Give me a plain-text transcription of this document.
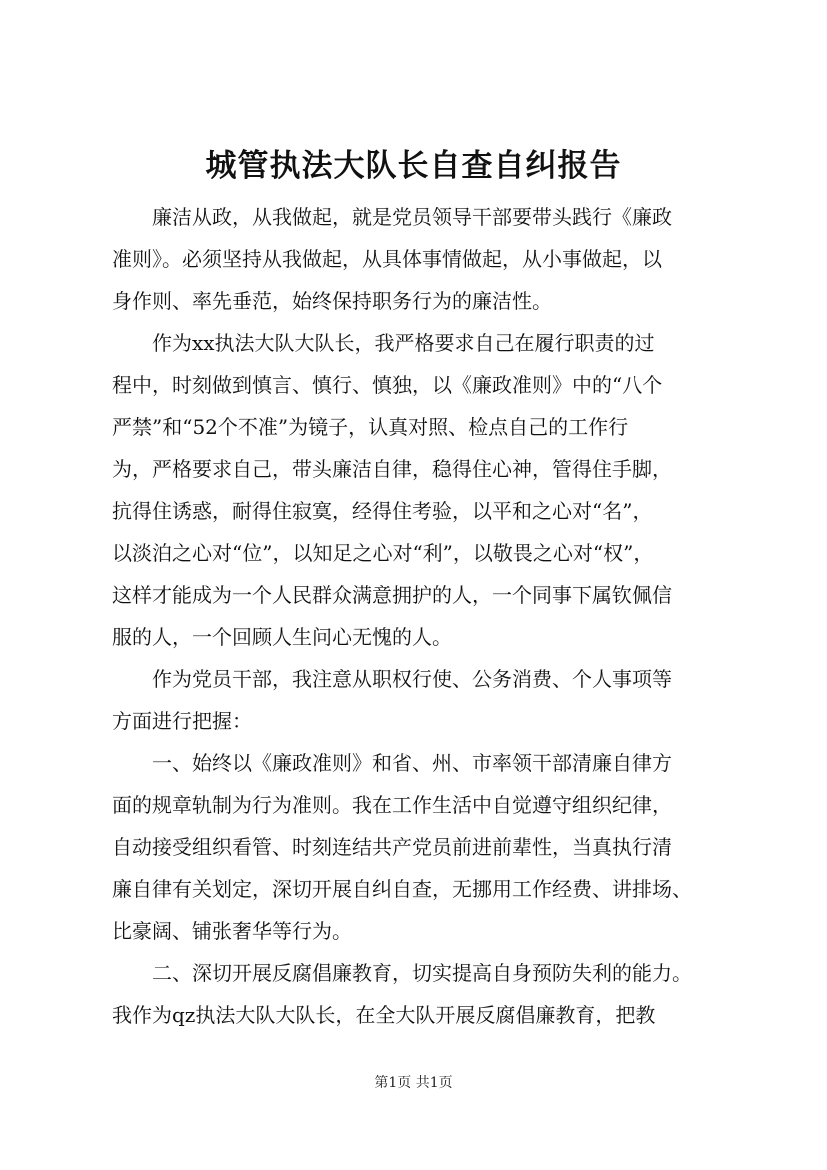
城管执法大队长自查自纠报告
廉洁从政，从我做起，就是党员领导干部要带头践行《廉政
准则》。必须坚持从我做起，从具体事情做起，从小事做起，以
身作则、率先垂范，始终保持职务行为的廉洁性。
作为xx执法大队大队长，我严格要求自己在履行职责的过
程中，时刻做到慎言、慎行、慎独，以《廉政准则》中的“八个
严禁”和“52个不准”为镜子，认真对照、检点自己的工作行
为，严格要求自己，带头廉洁自律，稳得住心神，管得住手脚，
抗得住诱惑，耐得住寂寞，经得住考验，以平和之心对“名”，
以淡泊之心对“位”，以知足之心对“利”，以敬畏之心对“权”，
这样才能成为一个人民群众满意拥护的人，一个同事下属钦佩信
服的人，一个回顾人生问心无愧的人。
作为党员干部，我注意从职权行使、公务消费、个人事项等
方面进行把握：
一、始终以《廉政准则》和省、州、市率领干部清廉自律方
面的规章轨制为行为准则。我在工作生活中自觉遵守组织纪律，
自动接受组织看管、时刻连结共产党员前进前辈性，当真执行清
廉自律有关划定，深切开展自纠自查，无挪用工作经费、讲排场、
比豪阔、铺张奢华等行为。
二、深切开展反腐倡廉教育，切实提高自身预防失利的能力。
我作为qz执法大队大队长，在全大队开展反腐倡廉教育，把教
第1页 共1页
